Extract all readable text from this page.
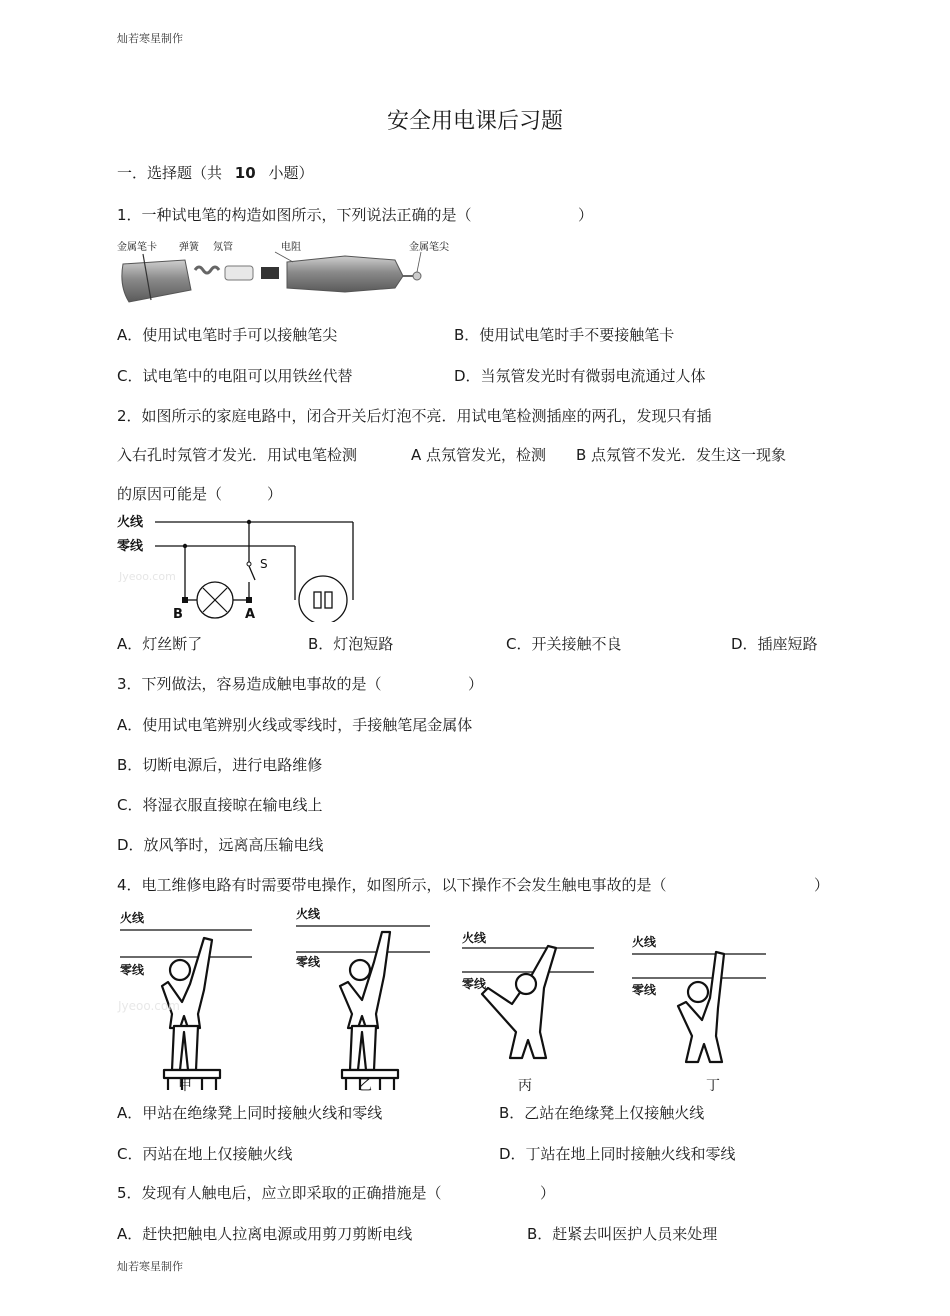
灿若寒星制作
安全用电课后习题
一．选择题（共 10 小题）
1．一种试电笔的构造如图所示，下列说法正确的是（	）
金属笔卡 弹簧 氖管	电阻	金属笔尖
A．使用试电笔时手可以接触笔尖	B．使用试电笔时手不要接触笔卡
C．试电笔中的电阻可以用铁丝代替	D．当氖管发光时有微弱电流通过人体
2．如图所示的家庭电路中，闭合开关后灯泡不亮．用试电笔检测插座的两孔，发现只有插
入右孔时氖管才发光．用试电笔检测	A 点氖管发光，检测 B 点氖管不发光．发生这一现象
的原因可能是（　　　）
火线
零线
S
B	A
Jyeoo.com
A．灯丝断了	B．灯泡短路	C．开关接触不良	D．插座短路
3．下列做法，容易造成触电事故的是（	）
A．使用试电笔辨别火线或零线时，手接触笔尾金属体
B．切断电源后，进行电路维修
C．将湿衣服直接晾在输电线上
D．放风筝时，远离高压输电线
4．电工维修电路有时需要带电操作，如图所示，以下操作不会发生触电事故的是（	）
火线
零线
甲
火线
零线
乙
火线
零线
丙
火线
零线
丁
Jyeoo.com
A．甲站在绝缘凳上同时接触火线和零线	B．乙站在绝缘凳上仅接触火线
C．丙站在地上仅接触火线	D．丁站在地上同时接触火线和零线
5．发现有人触电后，应立即采取的正确措施是（	）
A．赶快把触电人拉离电源或用剪刀剪断电线	B．赶紧去叫医护人员来处理
灿若寒星制作
